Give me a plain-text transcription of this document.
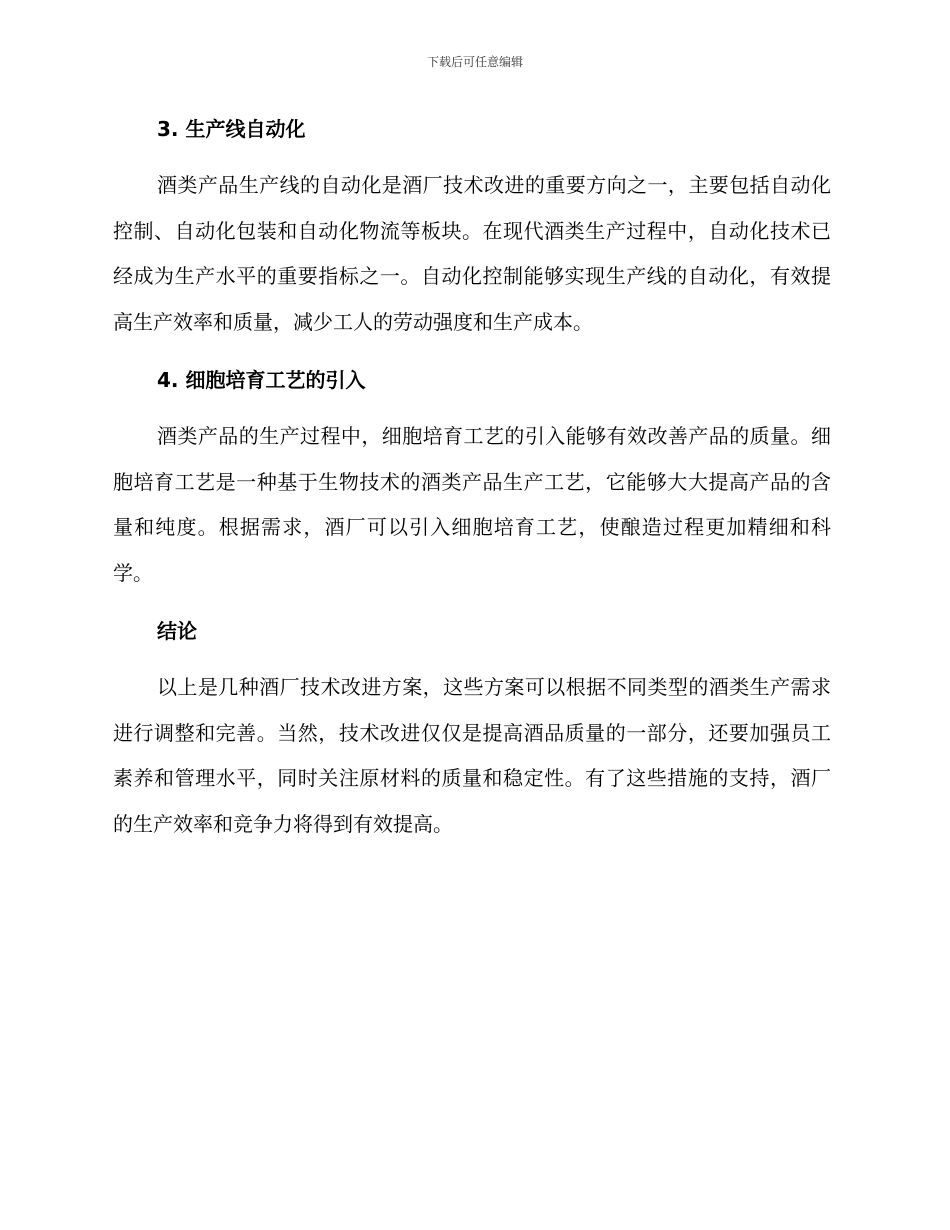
下载后可任意编辑
3. 生产线自动化

酒类产品生产线的自动化是酒厂技术改进的重要方向之一，主要包括自动化控制、自动化包装和自动化物流等板块。在现代酒类生产过程中，自动化技术已经成为生产水平的重要指标之一。自动化控制能够实现生产线的自动化，有效提高生产效率和质量，减少工人的劳动强度和生产成本。

4. 细胞培育工艺的引入

酒类产品的生产过程中，细胞培育工艺的引入能够有效改善产品的质量。细胞培育工艺是一种基于生物技术的酒类产品生产工艺，它能够大大提高产品的含量和纯度。根据需求，酒厂可以引入细胞培育工艺，使酿造过程更加精细和科学。

结论

以上是几种酒厂技术改进方案，这些方案可以根据不同类型的酒类生产需求进行调整和完善。当然，技术改进仅仅是提高酒品质量的一部分，还要加强员工素养和管理水平，同时关注原材料的质量和稳定性。有了这些措施的支持，酒厂的生产效率和竞争力将得到有效提高。
